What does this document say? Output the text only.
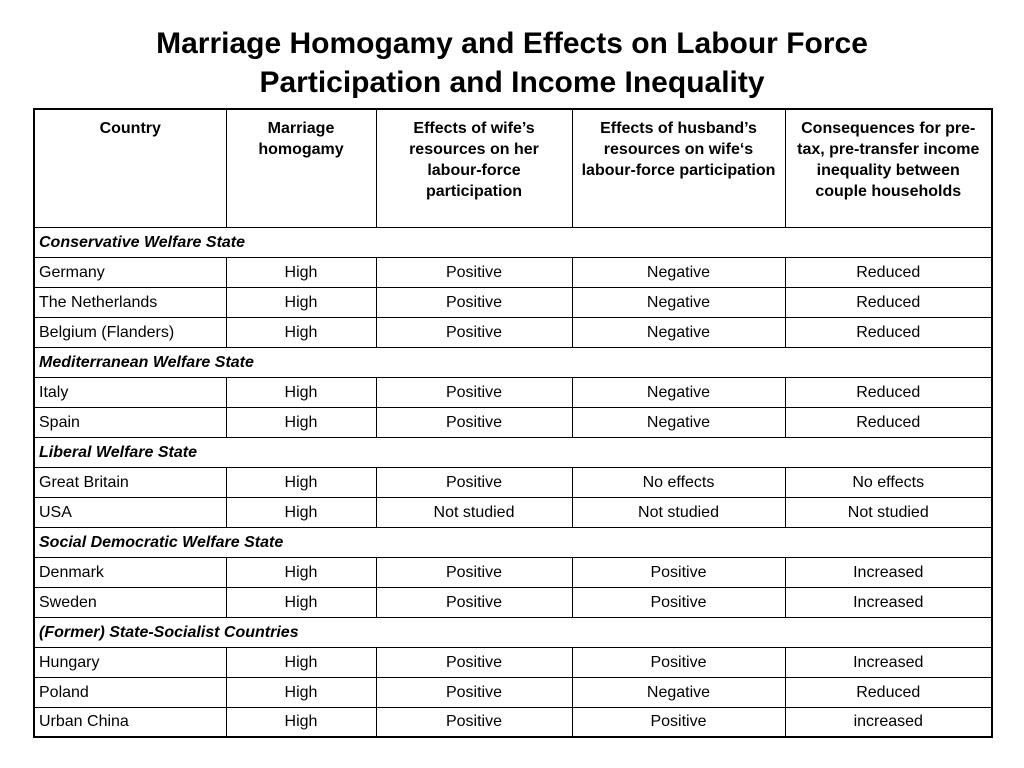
Marriage Homogamy and Effects on Labour Force
Participation and Income Inequality
Country	Marriage homogamy	Effects of wife’s resources on her labour-force participation	Effects of husband’s resources on wife‘s labour-force participation	Consequences for pre-tax, pre-transfer income inequality between couple households
Conservative Welfare State				
Germany	High	Positive	Negative	Reduced
The Netherlands	High	Positive	Negative	Reduced
Belgium (Flanders)	High	Positive	Negative	Reduced
Mediterranean Welfare State				
Italy	High	Positive	Negative	Reduced
Spain	High	Positive	Negative	Reduced
Liberal Welfare State				
Great Britain	High	Positive	No effects	No effects
USA	High	Not studied	Not studied	Not studied
Social Democratic Welfare State				
Denmark	High	Positive	Positive	Increased
Sweden	High	Positive	Positive	Increased
(Former) State-Socialist Countries				
Hungary	High	Positive	Positive	Increased
Poland	High	Positive	Negative	Reduced
Urban China	High	Positive	Positive	increased
